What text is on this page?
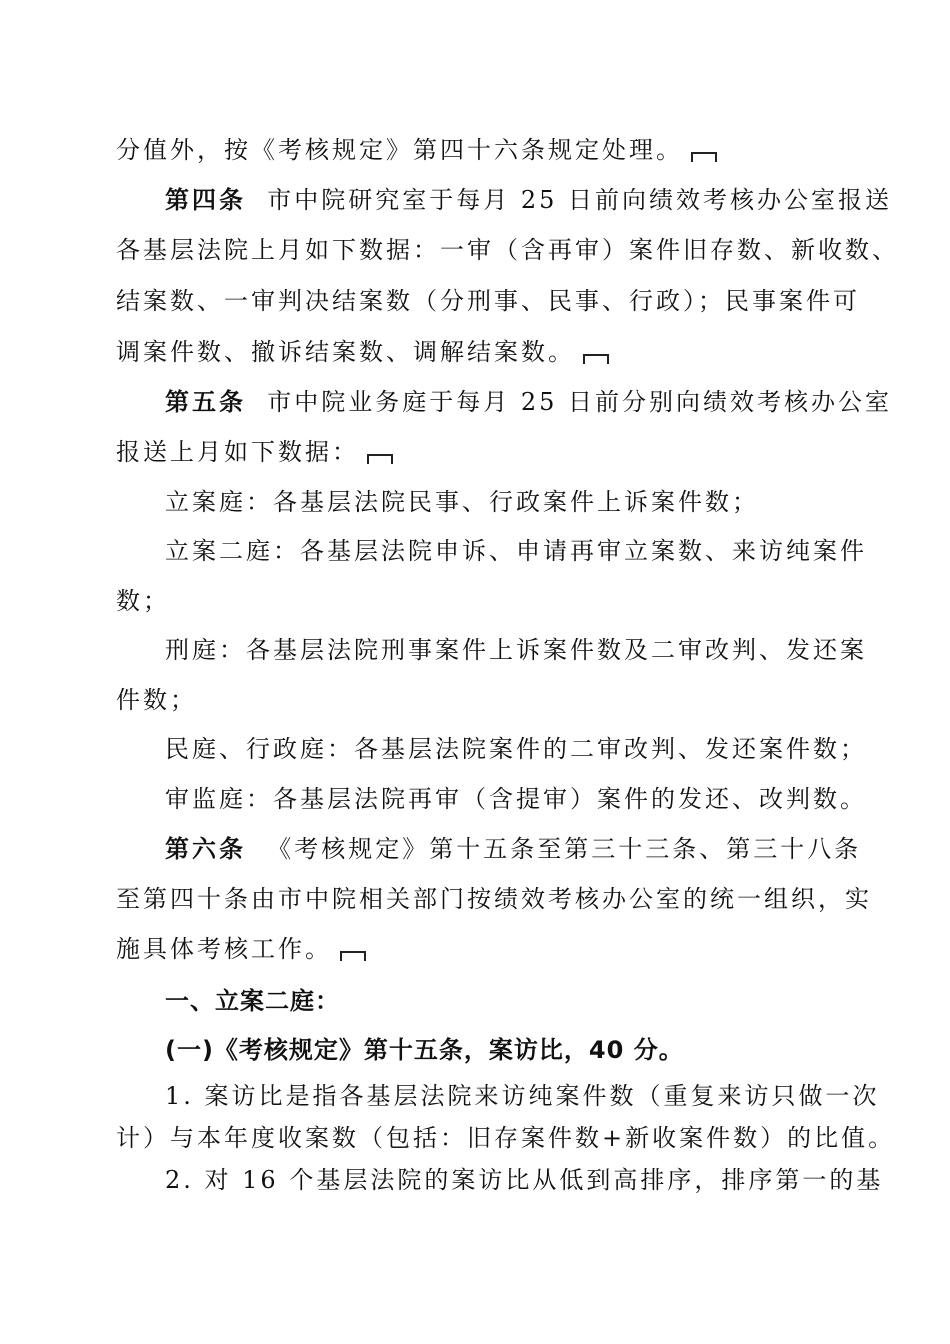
分值外，按《考核规定》第四十六条规定处理。
第四条 市中院研究室于每月 25 日前向绩效考核办公室报送
各基层法院上月如下数据：一审（含再审）案件旧存数、新收数、
结案数、一审判决结案数（分刑事、民事、行政）；民事案件可
调案件数、撤诉结案数、调解结案数。
第五条 市中院业务庭于每月 25 日前分别向绩效考核办公室
报送上月如下数据：
立案庭：各基层法院民事、行政案件上诉案件数；
立案二庭：各基层法院申诉、申请再审立案数、来访纯案件
数；
刑庭：各基层法院刑事案件上诉案件数及二审改判、发还案
件数；
民庭、行政庭：各基层法院案件的二审改判、发还案件数；
审监庭：各基层法院再审（含提审）案件的发还、改判数。
第六条 《考核规定》第十五条至第三十三条、第三十八条
至第四十条由市中院相关部门按绩效考核办公室的统一组织，实
施具体考核工作。
一、立案二庭：
(一)《考核规定》第十五条，案访比，40 分。
1. 案访比是指各基层法院来访纯案件数（重复来访只做一次
计）与本年度收案数（包括：旧存案件数+新收案件数）的比值。
2. 对 16 个基层法院的案访比从低到高排序，排序第一的基
